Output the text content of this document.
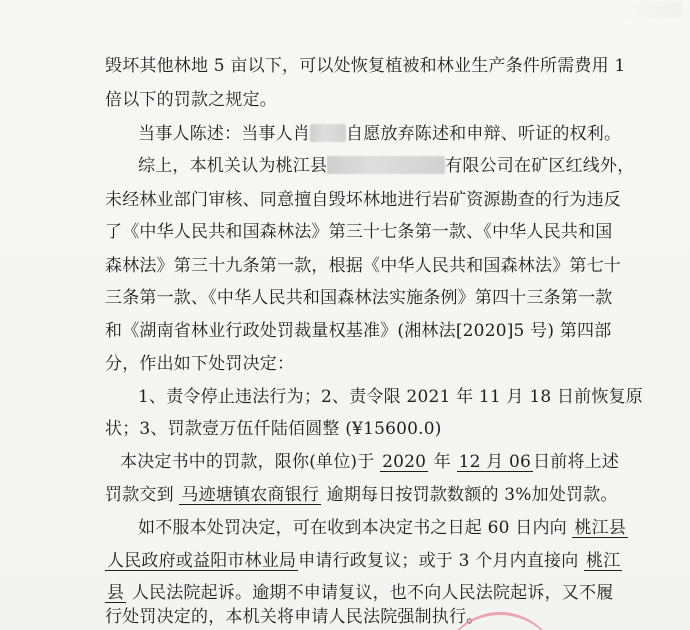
毁坏其他林地 5 亩以下，可以处恢复植被和林业生产条件所需费用 1
倍以下的罚款之规定。
当事人陈述：当事人肖 自愿放弃陈述和申辩、听证的权利。
综上，本机关认为桃江县	有限公司在矿区红线外，
未经林业部门审核、同意擅自毁坏林地进行岩矿资源勘查的行为违反
了《中华人民共和国森林法》第三十七条第一款、《中华人民共和国
森林法》第三十九条第一款，根据《中华人民共和国森林法》第七十
三条第一款、《中华人民共和国森林法实施条例》第四十三条第一款
和《湖南省林业行政处罚裁量权基准》(湘林法[2020]5 号) 第四部
分，作出如下处罚决定：
1、责令停止违法行为；2、责令限 2021 年 11 月 18 日前恢复原
状；3、罚款壹万伍仟陆佰圆整 (¥15600.0)
本决定书中的罚款，限你(单位)于 2020 年 12 月 06 日前将上述
罚款交到 马迹塘镇农商银行 逾期每日按罚款数额的 3%加处罚款。
如不服本处罚决定，可在收到本决定书之日起 60 日内向 桃江县
人民政府或益阳市林业局 申请行政复议；或于 3 个月内直接向 桃江
县 人民法院起诉。逾期不申请复议，也不向人民法院起诉，又不履
行处罚决定的，本机关将申请人民法院强制执行。
